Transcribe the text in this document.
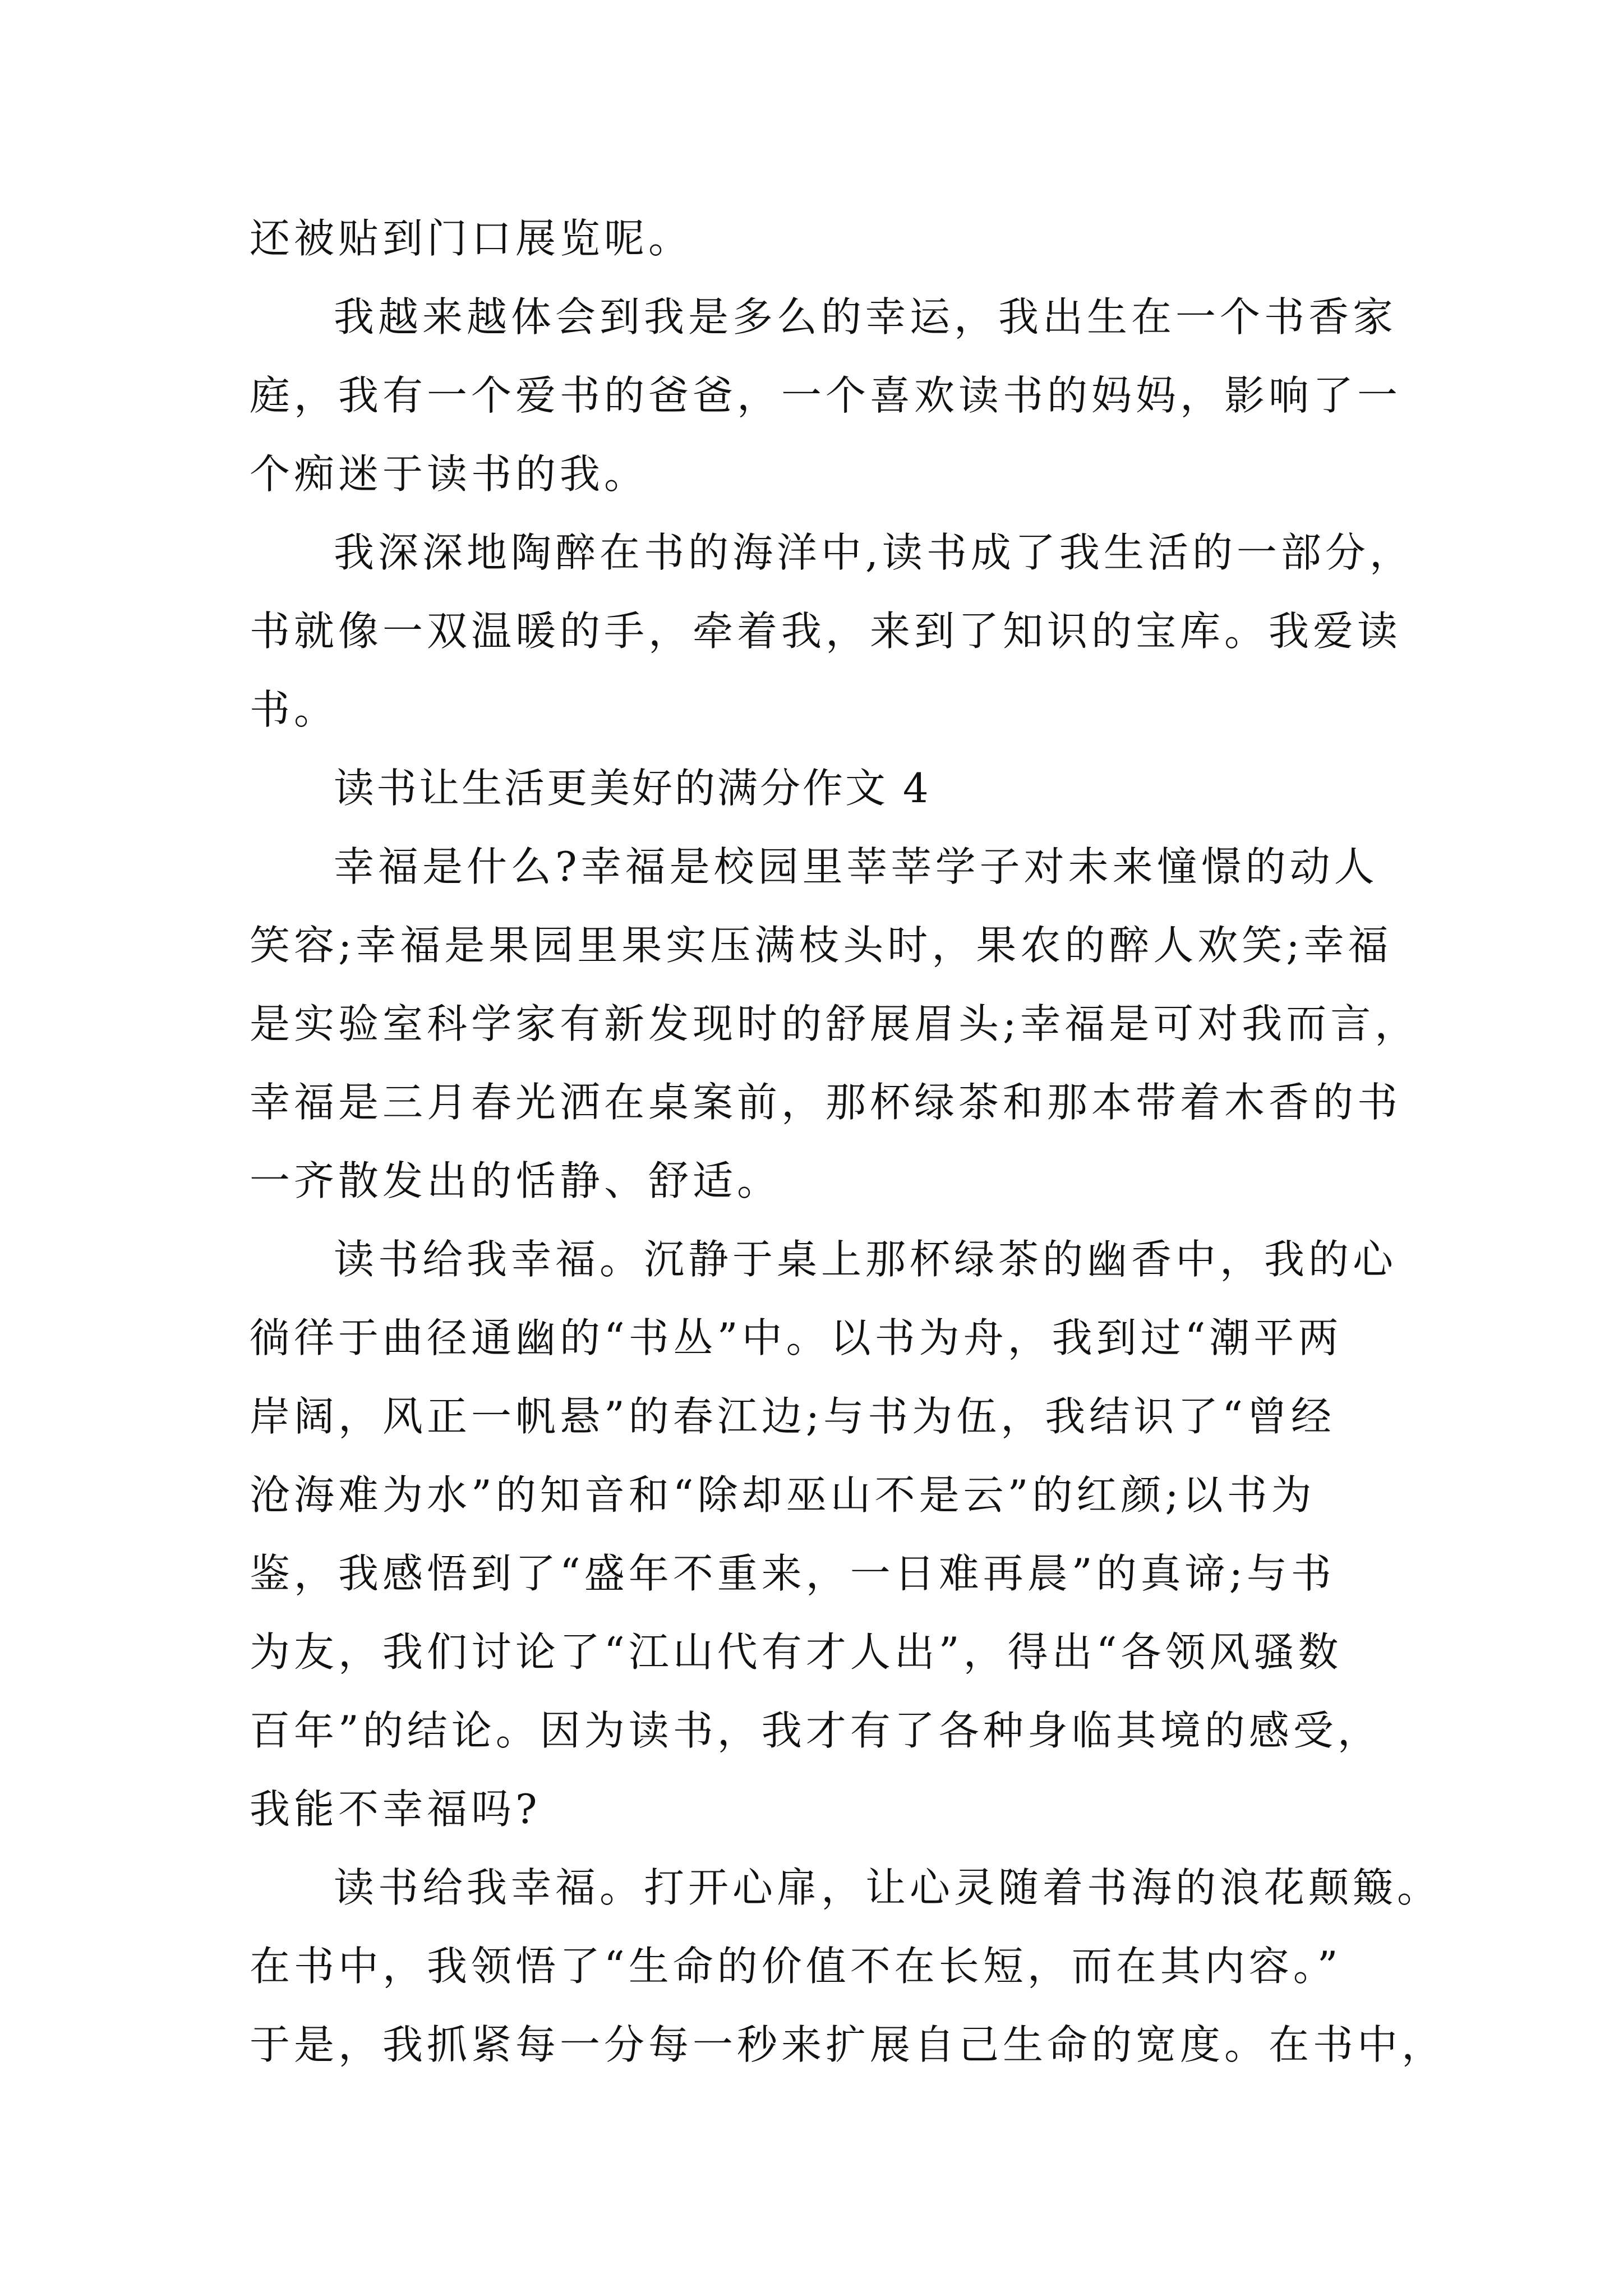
还被贴到门口展览呢。
我越来越体会到我是多么的幸运，我出生在一个书香家
庭，我有一个爱书的爸爸，一个喜欢读书的妈妈，影响了一
个痴迷于读书的我。
我深深地陶醉在书的海洋中,读书成了我生活的一部分，
书就像一双温暖的手，牵着我，来到了知识的宝库。我爱读
书。
读书让生活更美好的满分作文 4
幸福是什么?幸福是校园里莘莘学子对未来憧憬的动人
笑容;幸福是果园里果实压满枝头时，果农的醉人欢笑;幸福
是实验室科学家有新发现时的舒展眉头;幸福是可对我而言，
幸福是三月春光洒在桌案前，那杯绿茶和那本带着木香的书
一齐散发出的恬静、舒适。
读书给我幸福。沉静于桌上那杯绿茶的幽香中，我的心
徜徉于曲径通幽的“书丛”中。以书为舟，我到过“潮平两
岸阔，风正一帆悬”的春江边;与书为伍，我结识了“曾经
沧海难为水”的知音和“除却巫山不是云”的红颜;以书为
鉴，我感悟到了“盛年不重来，一日难再晨”的真谛;与书
为友，我们讨论了“江山代有才人出”，得出“各领风骚数
百年”的结论。因为读书，我才有了各种身临其境的感受，
我能不幸福吗?
读书给我幸福。打开心扉，让心灵随着书海的浪花颠簸。
在书中，我领悟了“生命的价值不在长短，而在其内容。”
于是，我抓紧每一分每一秒来扩展自己生命的宽度。在书中，
